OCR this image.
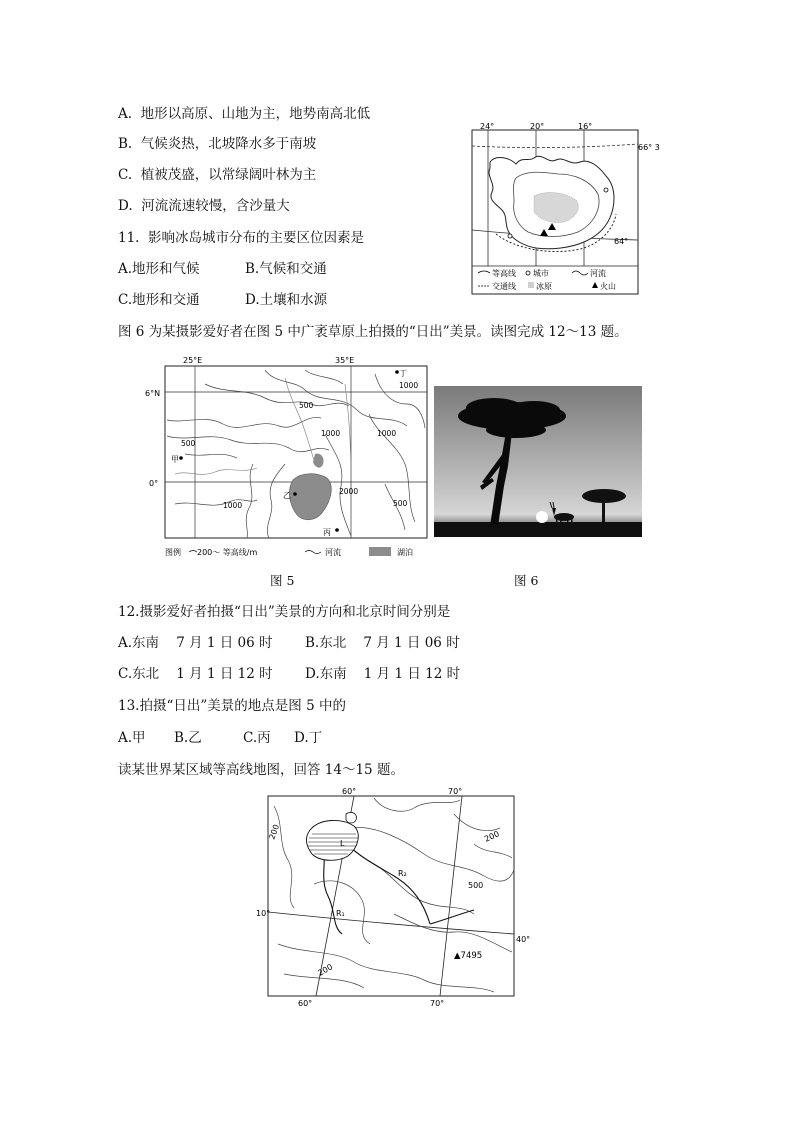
A.  地形以高原、山地为主，地势南高北低
B.  气候炎热，北坡降水多于南坡
C.  植被茂盛，以常绿阔叶林为主
D.  河流流速较慢，含沙量大
11.  影响冰岛城市分布的主要区位因素是
A.地形和气候	B.气候和交通
C.地形和交通	D.土壤和水源
24°	20°	16°
66° 3
64°
等高线 城市	河流
交通线	冰原	火山
图 6 为某摄影爱好者在图 5 中广袤草原上拍摄的“日出”美景。读图完成 12～13 题。
25°E	35°E
6°N
0°
500
500
1000	1000
1000
1000
2000
500
甲
乙
丙
丁
图例 200～ 等高线/m	河流	湖泊
图 5	图 6
12.摄影爱好者拍摄“日出”美景的方向和北京时间分别是
A.东南    7 月 1 日 06 时 B.东北    7 月 1 日 06 时
C.东北    1 月 1 日 12 时 D.东南    1 月 1 日 12 时
13.拍摄“日出”美景的地点是图 5 中的
A.甲 B.乙	C.丙 D.丁
读某世界某区域等高线地图，回答 14～15 题。
60°	70°
60°	70°
10°
40°
L
200
200
200
500
R₁
R₂
▲7495
